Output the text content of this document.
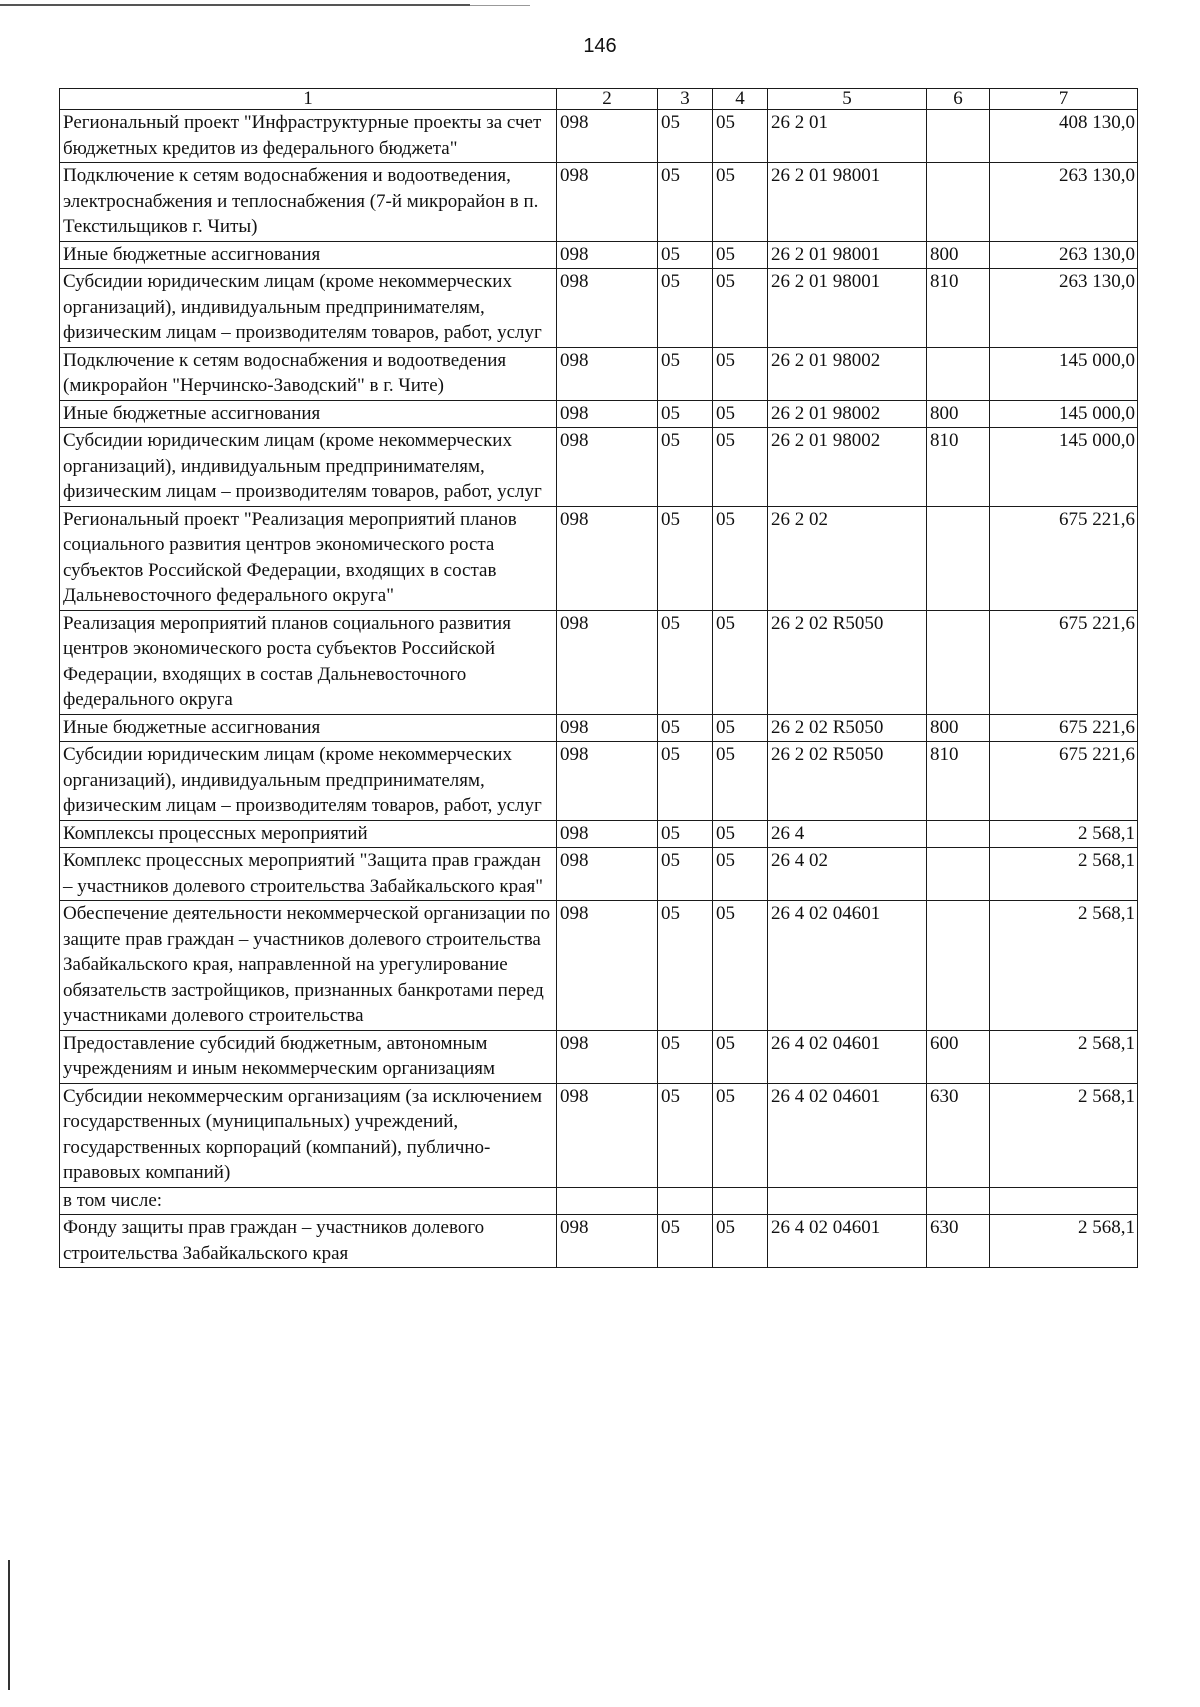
146
1	2	3	4	5	6	7
Региональный проект "Инфраструктурные проекты за счет бюджетных кредитов из федерального бюджета"	098	05	05	26 2 01		408 130,0
Подключение к сетям водоснабжения и водоотведения, электроснабжения и теплоснабжения (7-й микрорайон в п. Текстильщиков г. Читы)	098	05	05	26 2 01 98001		263 130,0
Иные бюджетные ассигнования	098	05	05	26 2 01 98001	800	263 130,0
Субсидии юридическим лицам (кроме некоммерческих организаций), индивидуальным предпринимателям, физическим лицам – производителям товаров, работ, услуг	098	05	05	26 2 01 98001	810	263 130,0
Подключение к сетям водоснабжения и водоотведения (микрорайон "Нерчинско-Заводский" в г. Чите)	098	05	05	26 2 01 98002		145 000,0
Иные бюджетные ассигнования	098	05	05	26 2 01 98002	800	145 000,0
Субсидии юридическим лицам (кроме некоммерческих организаций), индивидуальным предпринимателям, физическим лицам – производителям товаров, работ, услуг	098	05	05	26 2 01 98002	810	145 000,0
Региональный проект "Реализация мероприятий планов социального развития центров экономического роста субъектов Российской Федерации, входящих в состав Дальневосточного федерального округа"	098	05	05	26 2 02		675 221,6
Реализация мероприятий планов социального развития центров экономического роста субъектов Российской Федерации, входящих в состав Дальневосточного федерального округа	098	05	05	26 2 02 R5050		675 221,6
Иные бюджетные ассигнования	098	05	05	26 2 02 R5050	800	675 221,6
Субсидии юридическим лицам (кроме некоммерческих организаций), индивидуальным предпринимателям, физическим лицам – производителям товаров, работ, услуг	098	05	05	26 2 02 R5050	810	675 221,6
Комплексы процессных мероприятий	098	05	05	26 4		2 568,1
Комплекс процессных мероприятий "Защита прав граждан – участников долевого строительства Забайкальского края"	098	05	05	26 4 02		2 568,1
Обеспечение деятельности некоммерческой организации по защите прав граждан – участников долевого строительства Забайкальского края, направленной на урегулирование обязательств застройщиков, признанных банкротами перед участниками долевого строительства	098	05	05	26 4 02 04601		2 568,1
Предоставление субсидий бюджетным, автономным учреждениям и иным некоммерческим организациям	098	05	05	26 4 02 04601	600	2 568,1
Субсидии некоммерческим организациям (за исключением государственных (муниципальных) учреждений, государственных корпораций (компаний), публично-правовых компаний)	098	05	05	26 4 02 04601	630	2 568,1
в том числе:						
Фонду защиты прав граждан – участников долевого строительства Забайкальского края	098	05	05	26 4 02 04601	630	2 568,1
